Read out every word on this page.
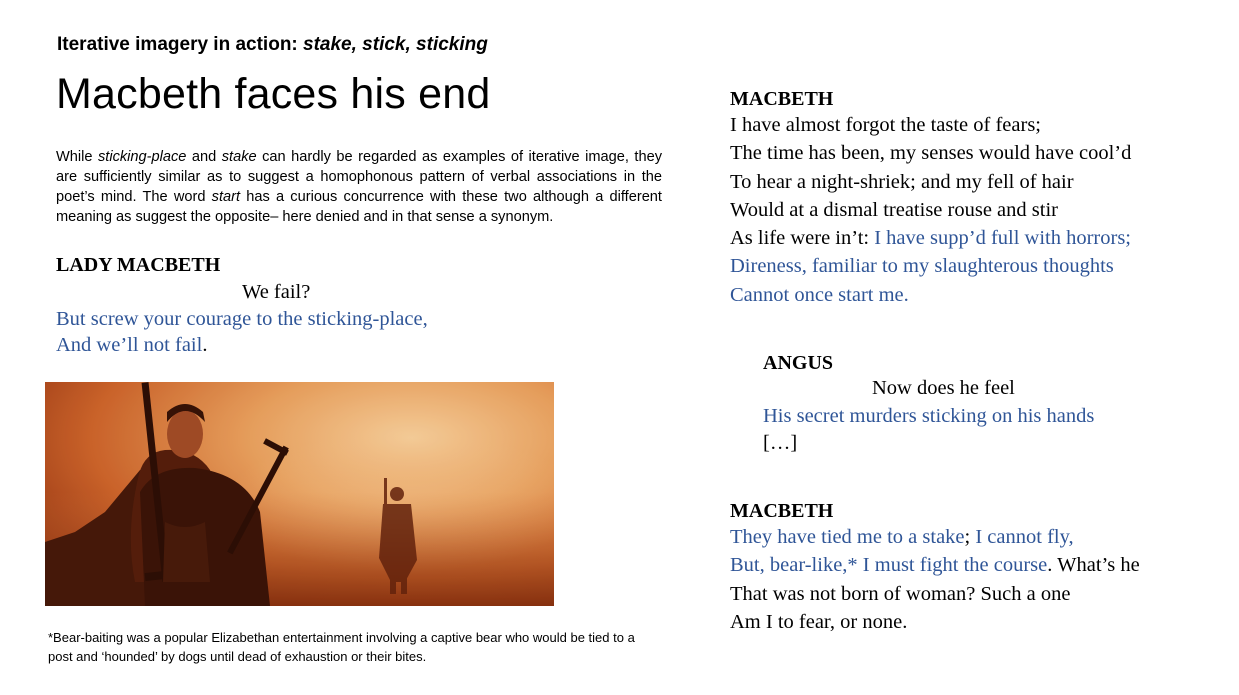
Iterative imagery in action: stake, stick, sticking
Macbeth faces his end
While sticking-place and stake can hardly be regarded as examples of iterative image, they are sufficiently similar as to suggest a homophonous pattern of verbal associations in the poet’s mind. The word start has a curious concurrence with these two although a different meaning as suggest the opposite– here denied and in that sense a synonym.
LADY MACBETH
We fail?
But screw your courage to the sticking-place,
And we’ll not fail.
*Bear-baiting was a popular Elizabethan entertainment involving a captive bear who would be tied to a post and ‘hounded’ by dogs until dead of exhaustion or their bites.
MACBETH
I have almost forgot the taste of fears;
The time has been, my senses would have cool’d
To hear a night-shriek; and my fell of hair
Would at a dismal treatise rouse and stir
As life were in’t: I have supp’d full with horrors;
Direness, familiar to my slaughterous thoughts
Cannot once start me.
ANGUS
Now does he feel
His secret murders sticking on his hands
[…]
MACBETH
They have tied me to a stake; I cannot fly,
But, bear-like,* I must fight the course. What’s he
That was not born of woman? Such a one
Am I to fear, or none.
